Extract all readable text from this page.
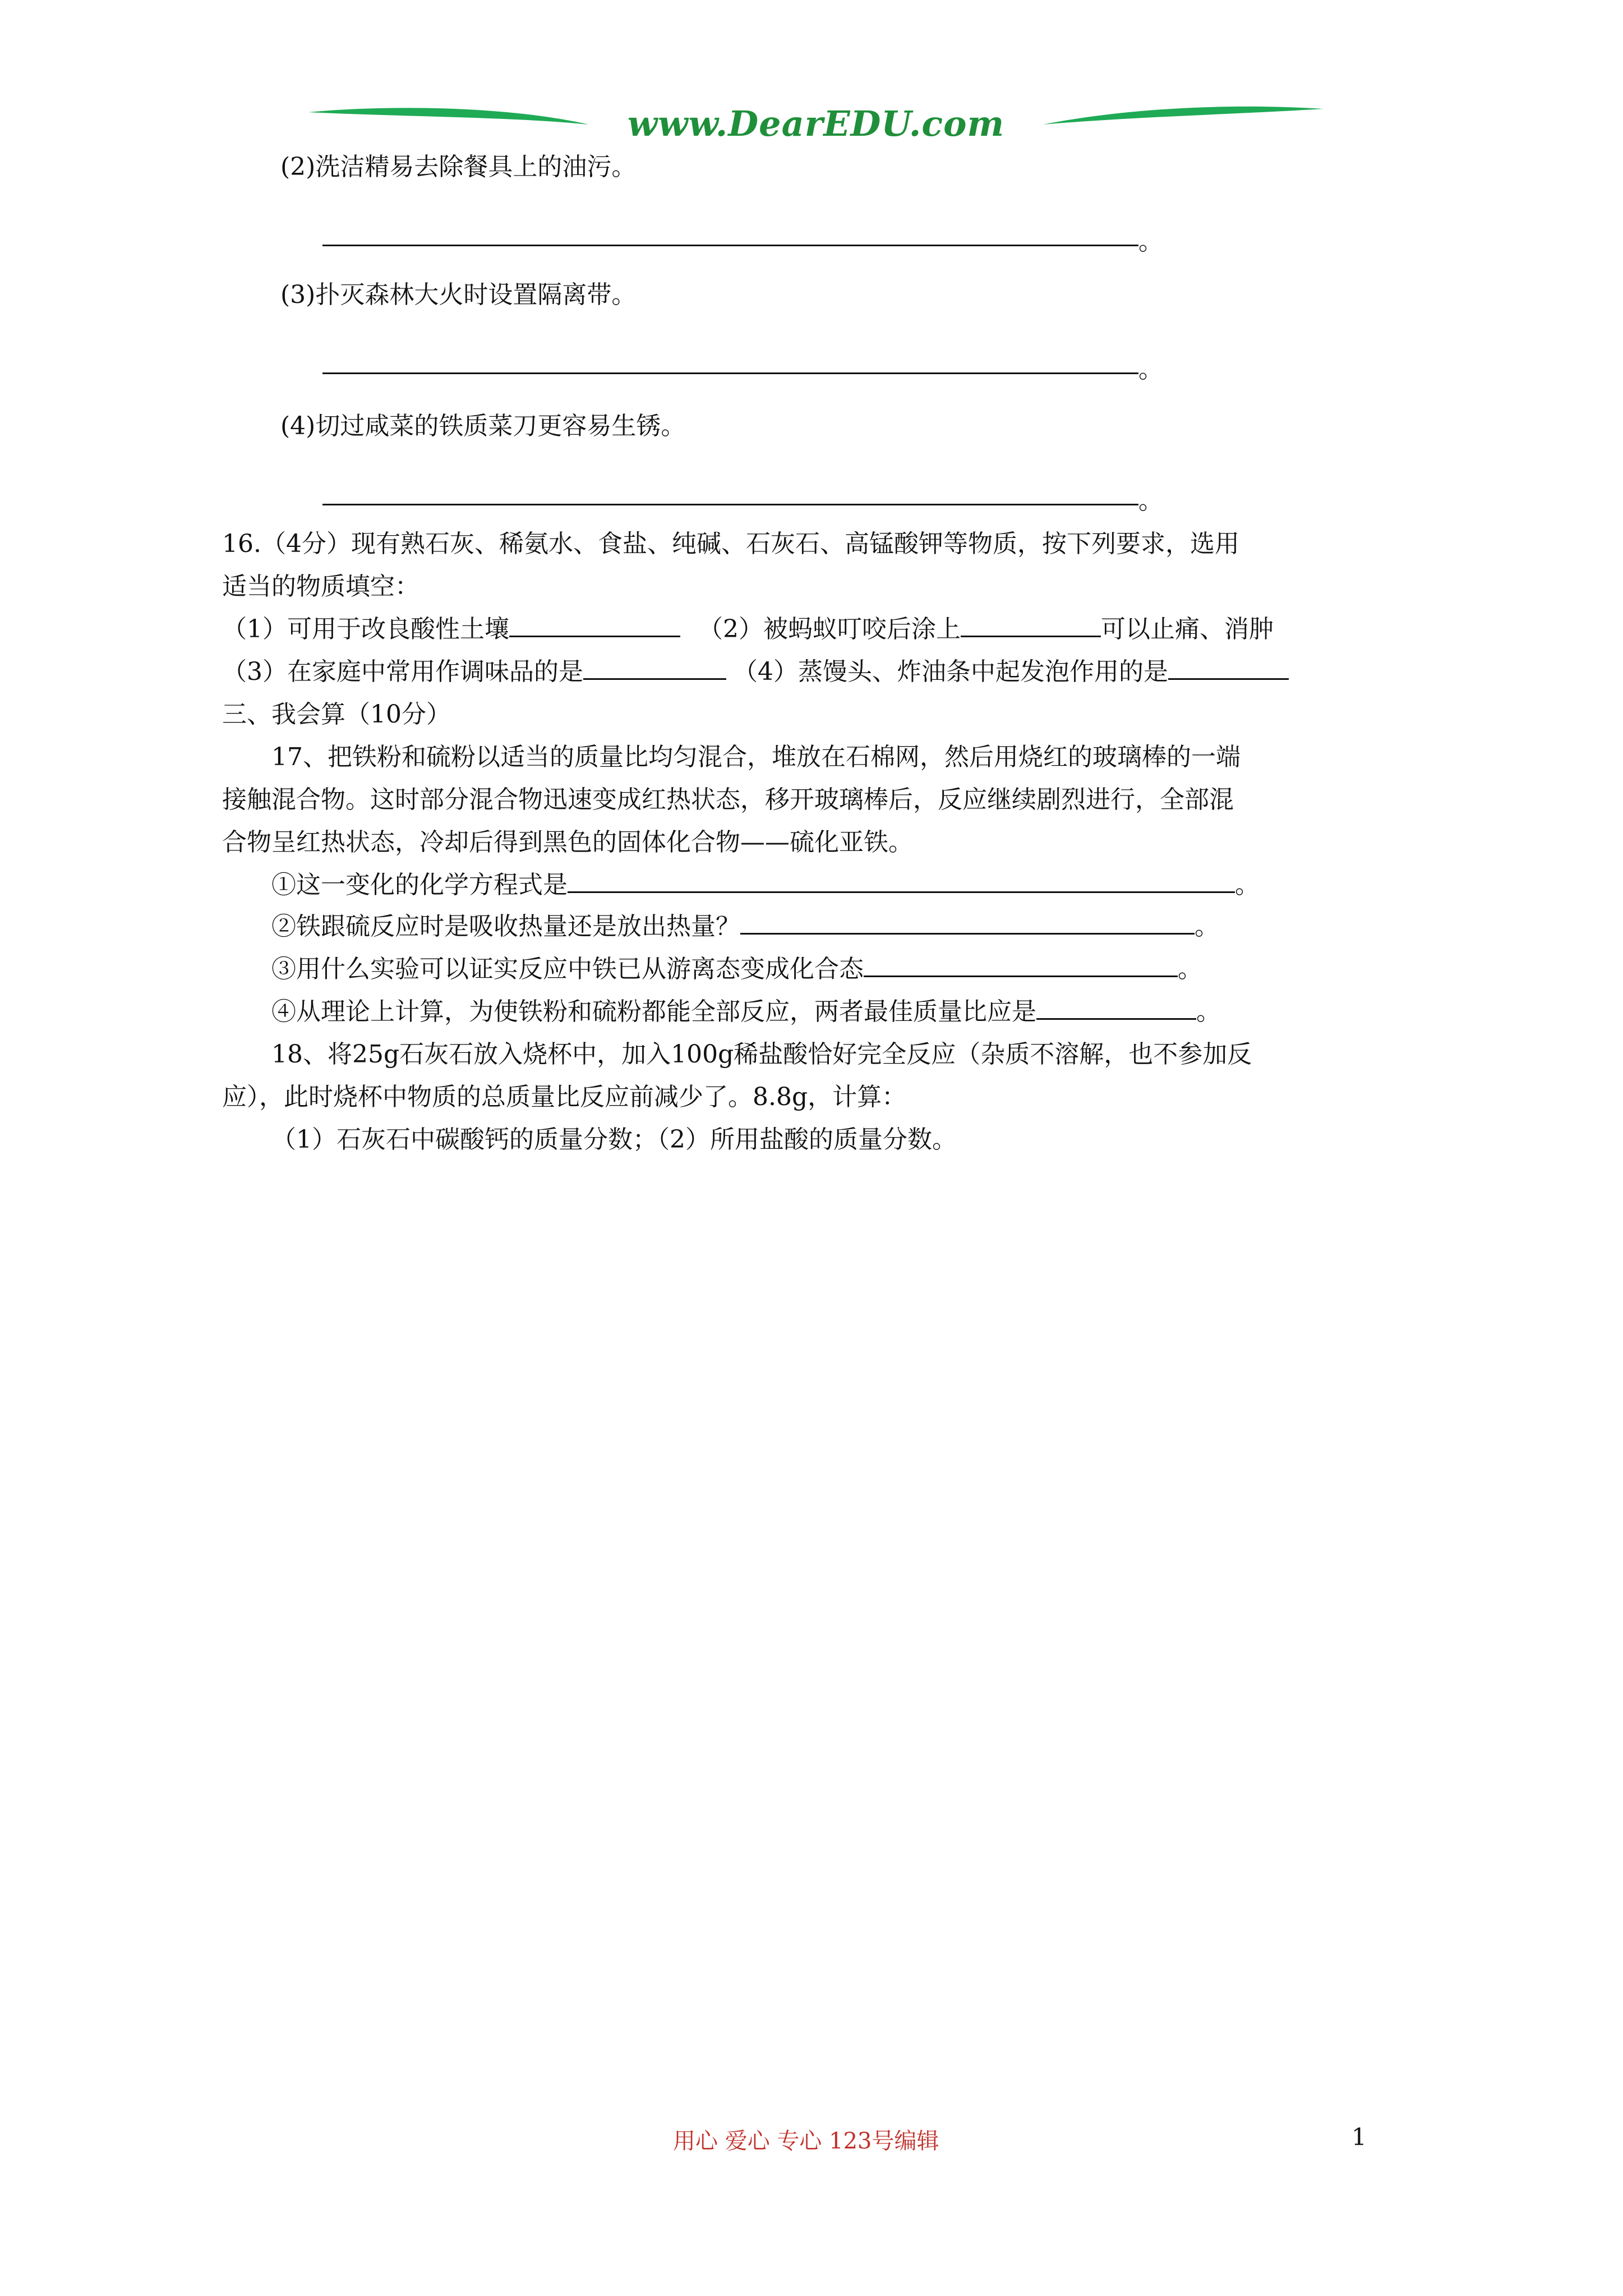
www.DearEDU.com
(2)洗洁精易去除餐具上的油污。
。
(3)扑灭森林大火时设置隔离带。
。
(4)切过咸菜的铁质菜刀更容易生锈。
。
16.（4分）现有熟石灰、稀氨水、食盐、纯碱、石灰石、高锰酸钾等物质，按下列要求，选用
适当的物质填空：
（1）可用于改良酸性土壤	（2）被蚂蚁叮咬后涂上	可以止痛、消肿
（3）在家庭中常用作调味品的是	（4）蒸馒头、炸油条中起发泡作用的是
三、我会算（10分）
17、把铁粉和硫粉以适当的质量比均匀混合，堆放在石棉网，然后用烧红的玻璃棒的一端
接触混合物。这时部分混合物迅速变成红热状态，移开玻璃棒后，反应继续剧烈进行，全部混
合物呈红热状态，冷却后得到黑色的固体化合物——硫化亚铁。
①这一变化的化学方程式是	。
②铁跟硫反应时是吸收热量还是放出热量？	。
③用什么实验可以证实反应中铁已从游离态变成化合态	。
④从理论上计算，为使铁粉和硫粉都能全部反应，两者最佳质量比应是	。
18、将25g石灰石放入烧杯中，加入100g稀盐酸恰好完全反应（杂质不溶解，也不参加反
应），此时烧杯中物质的总质量比反应前减少了。8.8g，计算：
（1）石灰石中碳酸钙的质量分数；（2）所用盐酸的质量分数。
用心 爱心 专心 123号编辑	1
